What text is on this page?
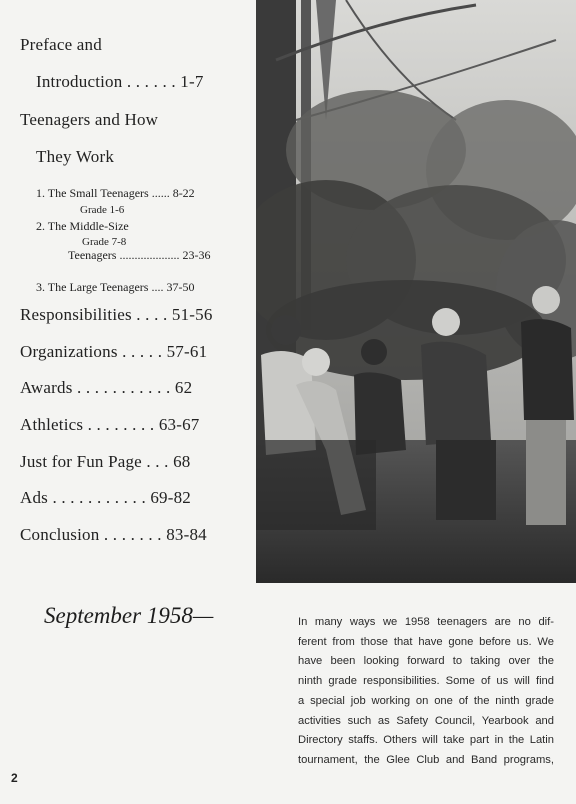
Preface and
Introduction . . . . . . 1-7
Teenagers and How
They Work
1. The Small Teenagers ...... 8-22
Grade 1-6
2. The Middle-Size
Grade 7-8
Teenagers .................... 23-36
3. The Large Teenagers .... 37-50
Responsibilities . . . . 51-56
Organizations . . . . . 57-61
Awards . . . . . . . . . . . 62
Athletics . . . . . . . . 63-67
Just for Fun Page . . . 68
Ads . . . . . . . . . . . 69-82
Conclusion . . . . . . . 83-84
September 1958—	In many ways we 1958 teenagers are no dif-
ferent from those that have gone before us. We
have been looking forward to taking over the
ninth grade responsibilities. Some of us will find
a special job working on one of the ninth grade
activities such as Safety Council, Yearbook and
Directory staffs. Others will take part in the Latin
tournament, the Glee Club and Band programs,
2
